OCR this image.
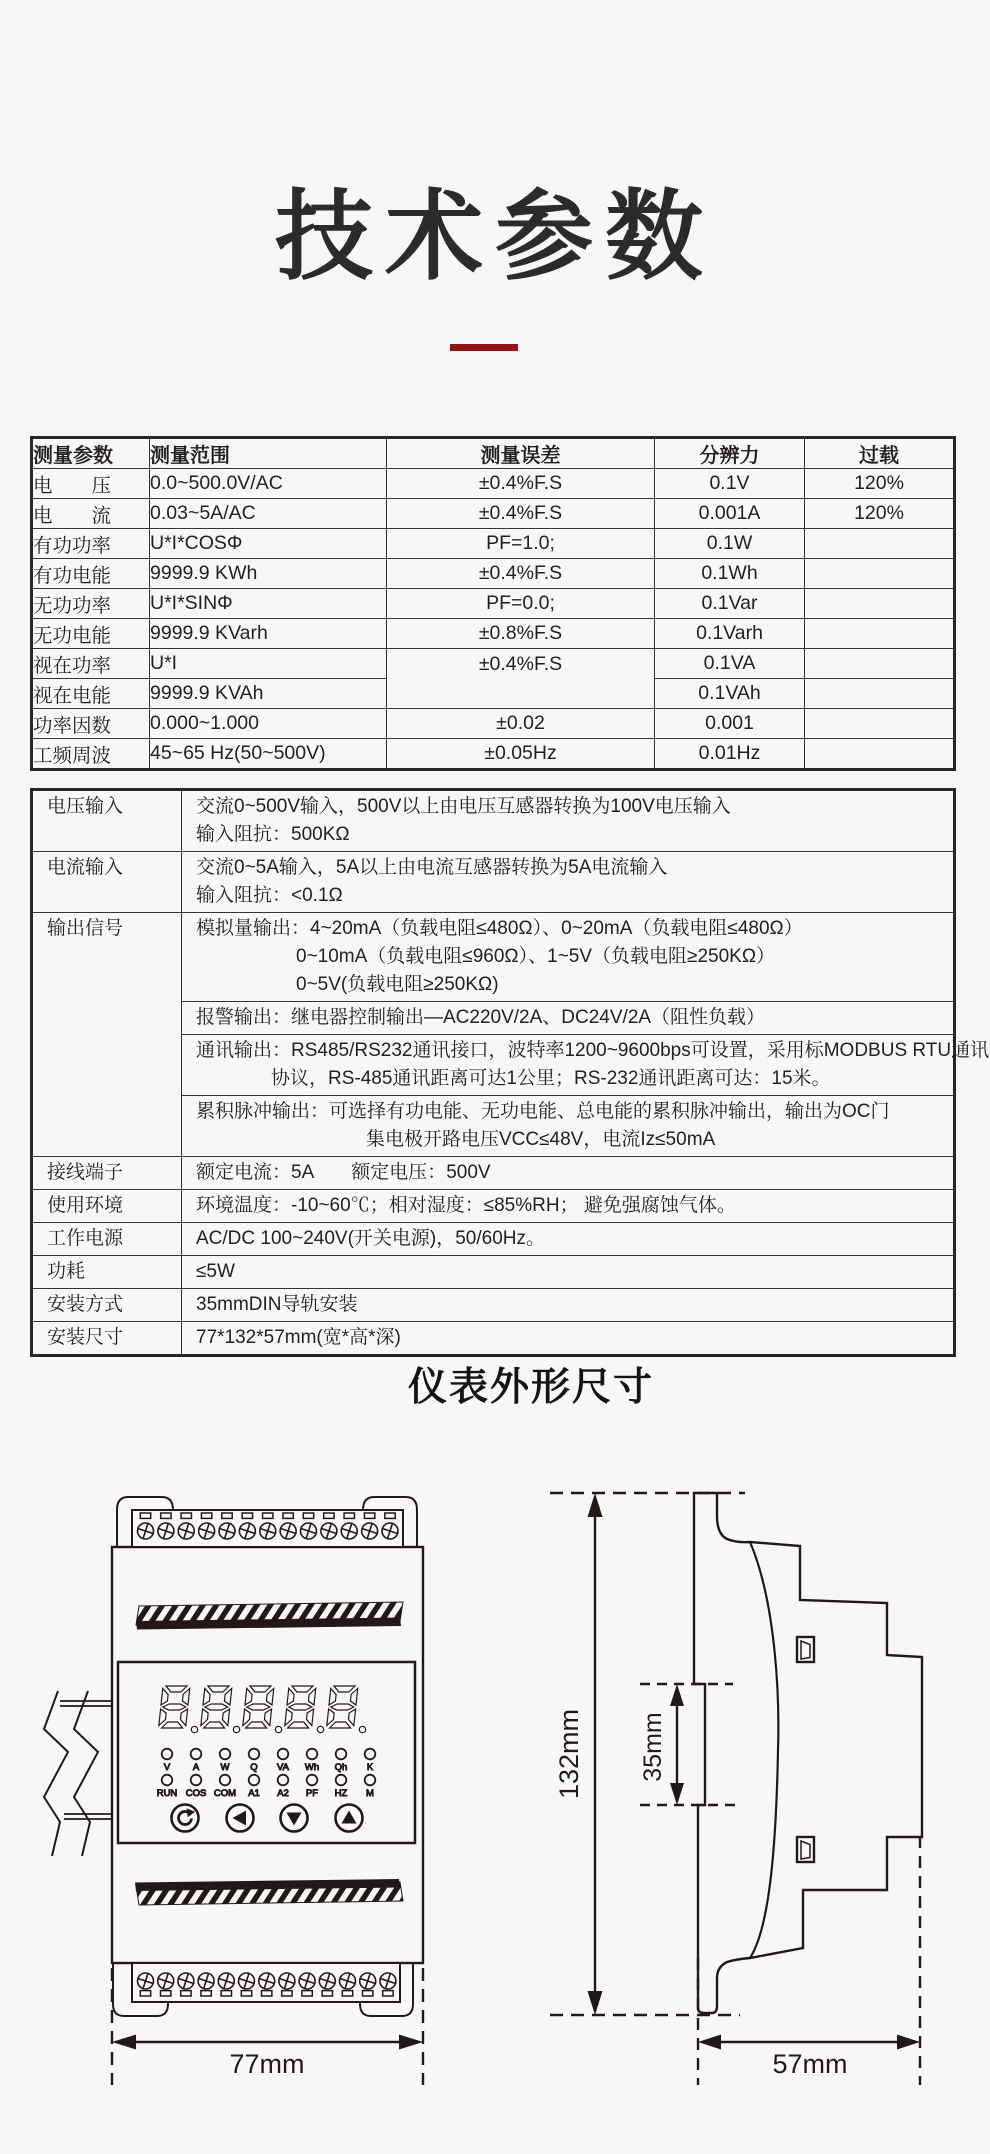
技术参数
测量参数	测量范围	测量误差	分辨力	过载
电　　压	0.0~500.0V/AC	±0.4%F.S	0.1V	120%
电　　流	0.03~5A/AC	±0.4%F.S	0.001A	120%
有功功率	U*I*COSΦ	PF=1.0;	0.1W	
有功电能	9999.9 KWh	±0.4%F.S	0.1Wh	
无功功率	U*I*SINΦ	PF=0.0;	0.1Var	
无功电能	9999.9 KVarh	±0.8%F.S	0.1Varh	
视在功率	U*I	±0.4%F.S	0.1VA	
视在电能	9999.9 KVAh		0.1VAh	
功率因数	0.000~1.000	±0.02	0.001	
工频周波	45~65 Hz(50~500V)	±0.05Hz	0.01Hz	
电压输入	交流0~500V输入，500V以上由电压互感器转换为100V电压输入
输入阻抗：500KΩ

电流输入	交流0~5A输入，5A以上由电流互感器转换为5A电流输入
输入阻抗：<0.1Ω

输出信号	模拟量输出：4~20mA（负载电阻≤480Ω）、0~20mA（负载电阻≤480Ω）
0~10mA（负载电阻≤960Ω）、1~5V（负载电阻≥250KΩ）
0~5V(负载电阻≥250KΩ)

	报警输出：继电器控制输出—AC220V/2A、DC24V/2A（阻性负载）

	通讯输出：RS485/RS232通讯接口，波特率1200~9600bps可设置，采用标MODBUS RTU通讯
协议，RS-485通讯距离可达1公里；RS-232通讯距离可达：15米。

	累积脉冲输出：可选择有功电能、无功电能、总电能的累积脉冲输出，输出为OC门
集电极开路电压VCC≤48V，电流Iz≤50mA

接线端子	额定电流：5A　　额定电压：500V

使用环境	环境温度：-10~60℃；相对湿度：≤85%RH； 避免强腐蚀气体。

工作电源	AC/DC 100~240V(开关电源)，50/60Hz。

功耗	≤5W

安装方式	35mmDIN导轨安装

安装尺寸	77*132*57mm(宽*高*深)
仪表外形尺寸
V
RUN
A
COS
W
COM
Q
A1
VA
A2
Wh
PF
Qh
HZ
K
M
77mm
132mm 35mm
57mm
